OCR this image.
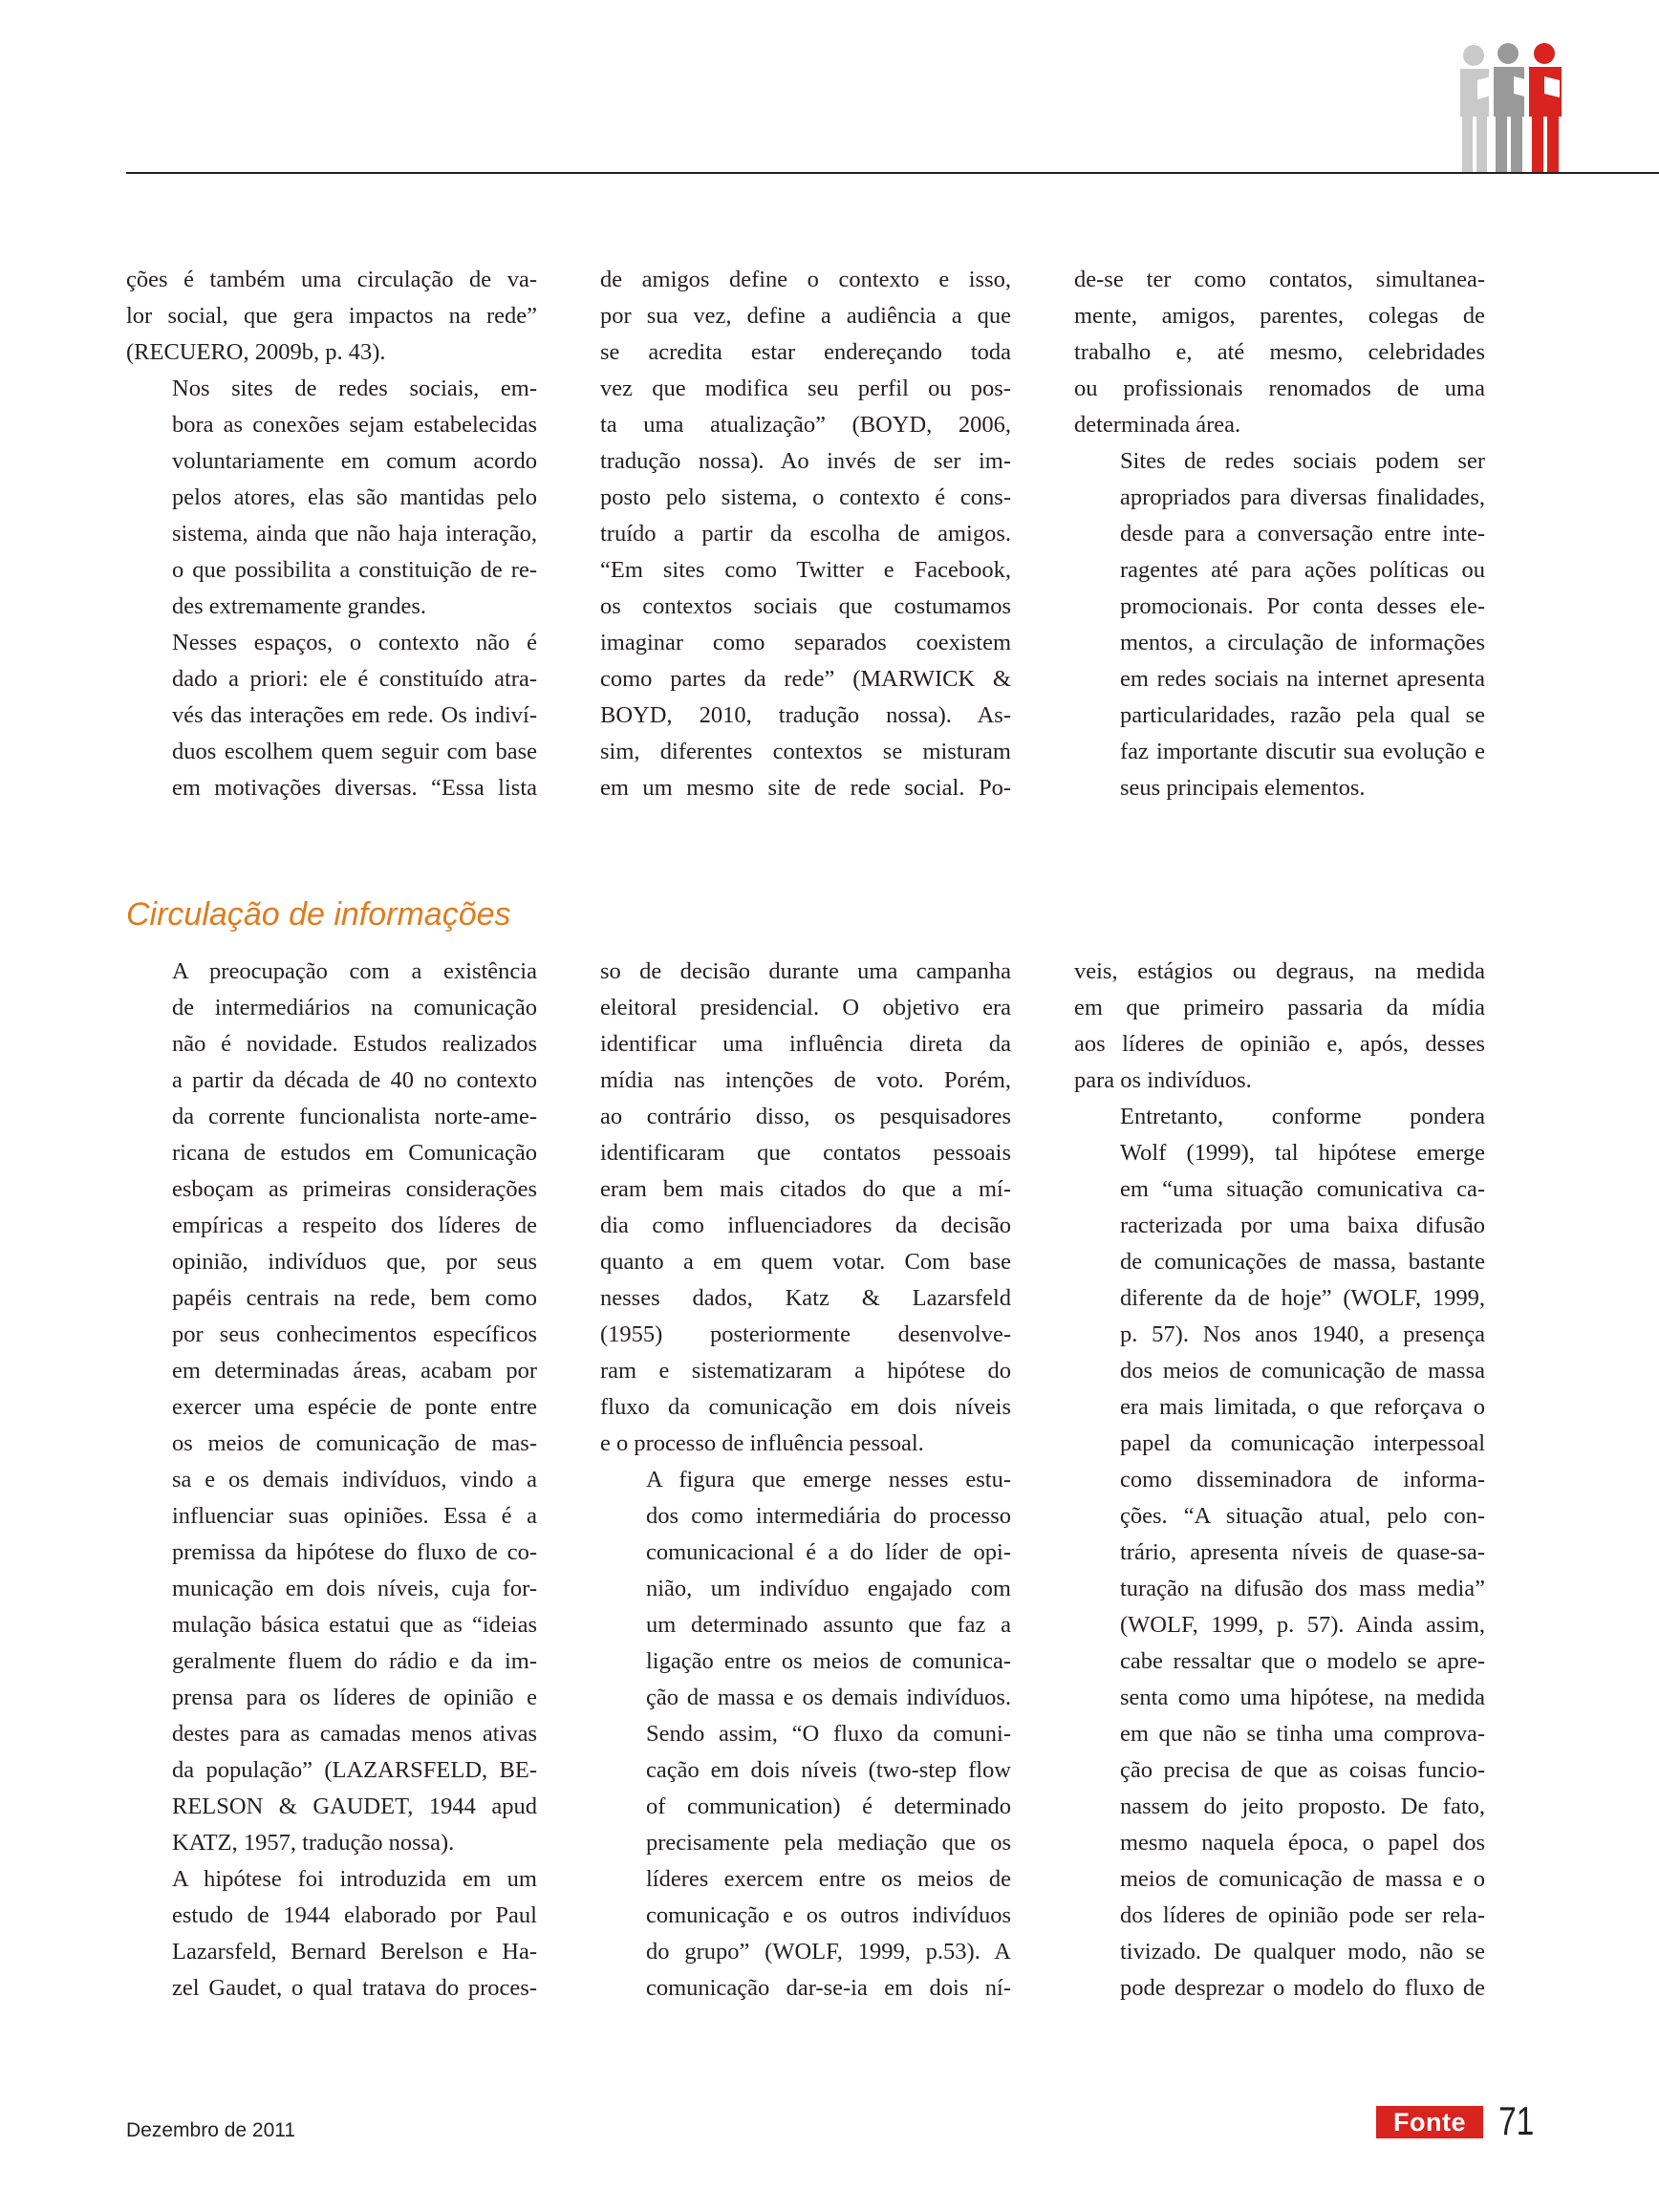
ções é também uma circulação de va-
lor social, que gera impactos na rede”
(RECUERO, 2009b, p. 43).

Nos sites de redes sociais, em-
bora as conexões sejam estabelecidas
voluntariamente em comum acordo
pelos atores, elas são mantidas pelo
sistema, ainda que não haja interação,
o que possibilita a constituição de re-
des extremamente grandes.

Nesses espaços, o contexto não é
dado a priori: ele é constituído atra-
vés das interações em rede. Os indiví-
duos escolhem quem seguir com base
em motivações diversas. “Essa lista

de amigos define o contexto e isso,
por sua vez, define a audiência a que
se acredita estar endereçando toda
vez que modifica seu perfil ou pos-
ta uma atualização” (BOYD, 2006,
tradução nossa). Ao invés de ser im-
posto pelo sistema, o contexto é cons-
truído a partir da escolha de amigos.
“Em sites como Twitter e Facebook,
os contextos sociais que costumamos
imaginar como separados coexistem
como partes da rede” (MARWICK &
BOYD, 2010, tradução nossa). As-
sim, diferentes contextos se misturam
em um mesmo site de rede social. Po-

de-se ter como contatos, simultanea-
mente, amigos, parentes, colegas de
trabalho e, até mesmo, celebridades
ou profissionais renomados de uma
determinada área.

Sites de redes sociais podem ser
apropriados para diversas finalidades,
desde para a conversação entre inte-
ragentes até para ações políticas ou
promocionais. Por conta desses ele-
mentos, a circulação de informações
em redes sociais na internet apresenta
particularidades, razão pela qual se
faz importante discutir sua evolução e
seus principais elementos.

Circulação de informações

A preocupação com a existência
de intermediários na comunicação
não é novidade. Estudos realizados
a partir da década de 40 no contexto
da corrente funcionalista norte-ame-
ricana de estudos em Comunicação
esboçam as primeiras considerações
empíricas a respeito dos líderes de
opinião, indivíduos que, por seus
papéis centrais na rede, bem como
por seus conhecimentos específicos
em determinadas áreas, acabam por
exercer uma espécie de ponte entre
os meios de comunicação de mas-
sa e os demais indivíduos, vindo a
influenciar suas opiniões. Essa é a
premissa da hipótese do fluxo de co-
municação em dois níveis, cuja for-
mulação básica estatui que as “ideias
geralmente fluem do rádio e da im-
prensa para os líderes de opinião e
destes para as camadas menos ativas
da população” (LAZARSFELD, BE-
RELSON & GAUDET, 1944 apud
KATZ, 1957, tradução nossa).

A hipótese foi introduzida em um
estudo de 1944 elaborado por Paul
Lazarsfeld, Bernard Berelson e Ha-
zel Gaudet, o qual tratava do proces-

so de decisão durante uma campanha
eleitoral presidencial. O objetivo era
identificar uma influência direta da
mídia nas intenções de voto. Porém,
ao contrário disso, os pesquisadores
identificaram que contatos pessoais
eram bem mais citados do que a mí-
dia como influenciadores da decisão
quanto a em quem votar. Com base
nesses dados, Katz & Lazarsfeld
(1955) posteriormente desenvolve-
ram e sistematizaram a hipótese do
fluxo da comunicação em dois níveis
e o processo de influência pessoal.

A figura que emerge nesses estu-
dos como intermediária do processo
comunicacional é a do líder de opi-
nião, um indivíduo engajado com
um determinado assunto que faz a
ligação entre os meios de comunica-
ção de massa e os demais indivíduos.
Sendo assim, “O fluxo da comuni-
cação em dois níveis (two-step flow
of communication) é determinado
precisamente pela mediação que os
líderes exercem entre os meios de
comunicação e os outros indivíduos
do grupo” (WOLF, 1999, p.53). A
comunicação dar-se-ia em dois ní-

veis, estágios ou degraus, na medida
em que primeiro passaria da mídia
aos líderes de opinião e, após, desses
para os indivíduos.

Entretanto, conforme pondera
Wolf (1999), tal hipótese emerge
em “uma situação comunicativa ca-
racterizada por uma baixa difusão
de comunicações de massa, bastante
diferente da de hoje” (WOLF, 1999,
p. 57). Nos anos 1940, a presença
dos meios de comunicação de massa
era mais limitada, o que reforçava o
papel da comunicação interpessoal
como disseminadora de informa-
ções. “A situação atual, pelo con-
trário, apresenta níveis de quase-sa-
turação na difusão dos mass media”
(WOLF, 1999, p. 57). Ainda assim,
cabe ressaltar que o modelo se apre-
senta como uma hipótese, na medida
em que não se tinha uma comprova-
ção precisa de que as coisas funcio-
nassem do jeito proposto. De fato,
mesmo naquela época, o papel dos
meios de comunicação de massa e o
dos líderes de opinião pode ser rela-
tivizado. De qualquer modo, não se
pode desprezar o modelo do fluxo de

Dezembro de 2011	Fonte 71
